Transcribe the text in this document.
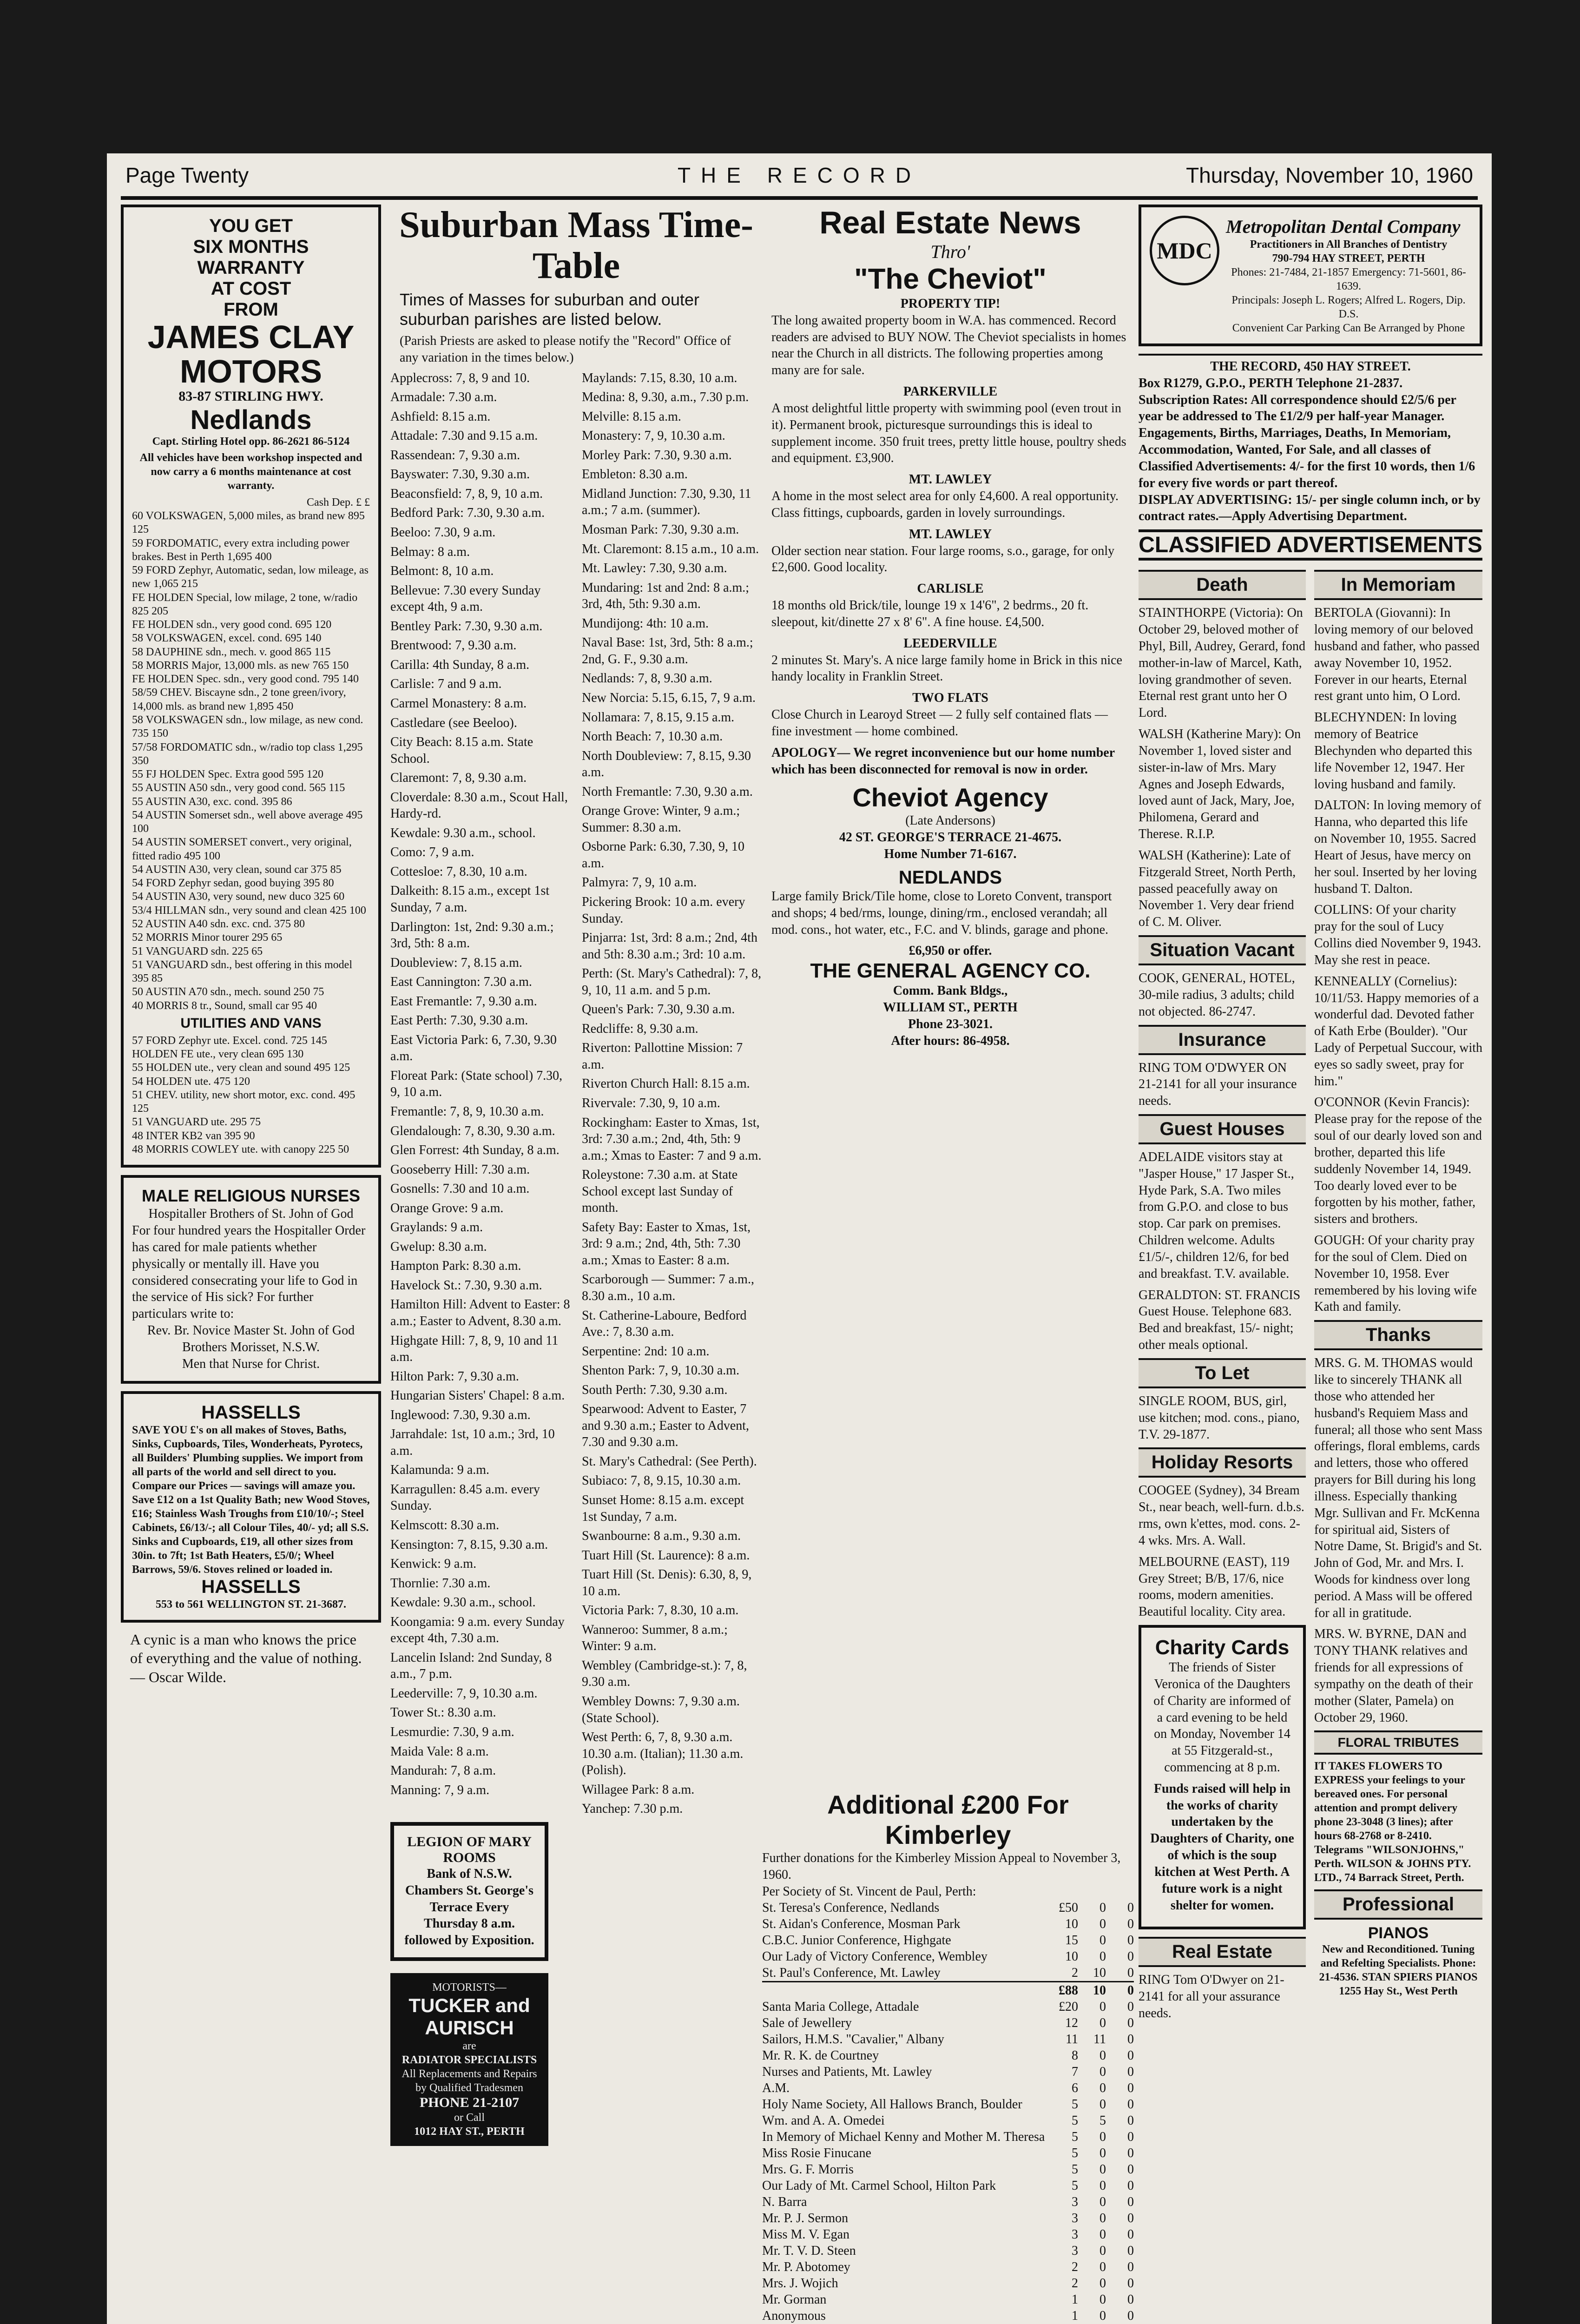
Page Twenty	THE RECORD	Thursday, November 10, 1960
YOU GET
SIX MONTHS
WARRANTY
AT COST
FROM
JAMES CLAY MOTORS
83-87 STIRLING HWY.
Nedlands
Capt. Stirling Hotel opp. 86-2621 86-5124
All vehicles have been workshop inspected and now carry a 6 months maintenance at cost warranty.
Cash Dep. £ £
60 VOLKSWAGEN, 5,000 miles, as brand new 895 125
59 FORDOMATIC, every extra including power brakes. Best in Perth 1,695 400
59 FORD Zephyr, Automatic, sedan, low mileage, as new 1,065 215
FE HOLDEN Special, low milage, 2 tone, w/radio 825 205
FE HOLDEN sdn., very good cond. 695 120
58 VOLKSWAGEN, excel. cond. 695 140
58 DAUPHINE sdn., mech. v. good 865 115
58 MORRIS Major, 13,000 mls. as new 765 150
FE HOLDEN Spec. sdn., very good cond. 795 140
58/59 CHEV. Biscayne sdn., 2 tone green/ivory, 14,000 mls. as brand new 1,895 450
58 VOLKSWAGEN sdn., low milage, as new cond. 735 150
57/58 FORDOMATIC sdn., w/radio top class 1,295 350
55 FJ HOLDEN Spec. Extra good 595 120
55 AUSTIN A50 sdn., very good cond. 565 115
55 AUSTIN A30, exc. cond. 395 86
54 AUSTIN Somerset sdn., well above average 495 100
54 AUSTIN SOMERSET convert., very original, fitted radio 495 100
54 AUSTIN A30, very clean, sound car 375 85
54 FORD Zephyr sedan, good buying 395 80
54 AUSTIN A30, very sound, new duco 325 60
53/4 HILLMAN sdn., very sound and clean 425 100
52 AUSTIN A40 sdn. exc. cnd. 375 80
52 MORRIS Minor tourer 295 65
51 VANGUARD sdn. 225 65
51 VANGUARD sdn., best offering in this model 395 85
50 AUSTIN A70 sdn., mech. sound 250 75
40 MORRIS 8 tr., Sound, small car 95 40
UTILITIES AND VANS
57 FORD Zephyr ute. Excel. cond. 725 145
HOLDEN FE ute., very clean 695 130
55 HOLDEN ute., very clean and sound 495 125
54 HOLDEN ute. 475 120
51 CHEV. utility, new short motor, exc. cond. 495 125
51 VANGUARD ute. 295 75
48 INTER KB2 van 395 90
48 MORRIS COWLEY ute. with canopy 225 50
MALE RELIGIOUS NURSES
Hospitaller Brothers of St. John of God
For four hundred years the Hospitaller Order has cared for male patients whether physically or mentally ill. Have you considered consecrating your life to God in the service of His sick? For further particulars write to:
Rev. Br. Novice Master St. John of God Brothers Morisset, N.S.W.
Men that Nurse for Christ.
HASSELLS
SAVE YOU £'s on all makes of Stoves, Baths, Sinks, Cupboards, Tiles, Wonderheats, Pyrotecs, all Builders' Plumbing supplies. We import from all parts of the world and sell direct to you. Compare our Prices — savings will amaze you. Save £12 on a 1st Quality Bath; new Wood Stoves, £16; Stainless Wash Troughs from £10/10/-; Steel Cabinets, £6/13/-; all Colour Tiles, 40/- yd; all S.S. Sinks and Cupboards, £19, all other sizes from 30in. to 7ft; 1st Bath Heaters, £5/0/; Wheel Barrows, 59/6. Stoves relined or loaded in.
HASSELLS
553 to 561 WELLINGTON ST. 21-3687.
A cynic is a man who knows the price of everything and the value of nothing. — Oscar Wilde.
Suburban Mass Time-Table
Times of Masses for suburban and outer suburban parishes are listed below.
(Parish Priests are asked to please notify the "Record" Office of any variation in the times below.)
Applecross: 7, 8, 9 and 10.
Armadale: 7.30 a.m.
Ashfield: 8.15 a.m.
Attadale: 7.30 and 9.15 a.m.
Rassendean: 7, 9.30 a.m.
Bayswater: 7.30, 9.30 a.m.
Beaconsfield: 7, 8, 9, 10 a.m.
Bedford Park: 7.30, 9.30 a.m.
Beeloo: 7.30, 9 a.m.
Belmay: 8 a.m.
Belmont: 8, 10 a.m.
Bellevue: 7.30 every Sunday except 4th, 9 a.m.
Bentley Park: 7.30, 9.30 a.m.
Brentwood: 7, 9.30 a.m.
Carilla: 4th Sunday, 8 a.m.
Carlisle: 7 and 9 a.m.
Carmel Monastery: 8 a.m.
Castledare (see Beeloo).
City Beach: 8.15 a.m. State School.
Claremont: 7, 8, 9.30 a.m.
Cloverdale: 8.30 a.m., Scout Hall, Hardy-rd.
Kewdale: 9.30 a.m., school.
Como: 7, 9 a.m.
Cottesloe: 7, 8.30, 10 a.m.
Dalkeith: 8.15 a.m., except 1st Sunday, 7 a.m.
Darlington: 1st, 2nd: 9.30 a.m.; 3rd, 5th: 8 a.m.
Doubleview: 7, 8.15 a.m.
East Cannington: 7.30 a.m.
East Fremantle: 7, 9.30 a.m.
East Perth: 7.30, 9.30 a.m.
East Victoria Park: 6, 7.30, 9.30 a.m.
Floreat Park: (State school) 7.30, 9, 10 a.m.
Fremantle: 7, 8, 9, 10.30 a.m.
Glendalough: 7, 8.30, 9.30 a.m.
Glen Forrest: 4th Sunday, 8 a.m.
Gooseberry Hill: 7.30 a.m.
Gosnells: 7.30 and 10 a.m.
Orange Grove: 9 a.m.
Graylands: 9 a.m.
Gwelup: 8.30 a.m.
Hampton Park: 8.30 a.m.
Havelock St.: 7.30, 9.30 a.m.
Hamilton Hill: Advent to Easter: 8 a.m.; Easter to Advent, 8.30 a.m.
Highgate Hill: 7, 8, 9, 10 and 11 a.m.
Hilton Park: 7, 9.30 a.m.
Hungarian Sisters' Chapel: 8 a.m.
Inglewood: 7.30, 9.30 a.m.
Jarrahdale: 1st, 10 a.m.; 3rd, 10 a.m.
Kalamunda: 9 a.m.
Karragullen: 8.45 a.m. every Sunday.
Kelmscott: 8.30 a.m.
Kensington: 7, 8.15, 9.30 a.m.
Kenwick: 9 a.m.
Thornlie: 7.30 a.m.
Kewdale: 9.30 a.m., school.
Koongamia: 9 a.m. every Sunday except 4th, 7.30 a.m.
Lancelin Island: 2nd Sunday, 8 a.m., 7 p.m.
Leederville: 7, 9, 10.30 a.m.
Tower St.: 8.30 a.m.
Lesmurdie: 7.30, 9 a.m.
Maida Vale: 8 a.m.
Mandurah: 7, 8 a.m.
Manning: 7, 9 a.m.
Maylands: 7.15, 8.30, 10 a.m.
Medina: 8, 9.30, a.m., 7.30 p.m.
Melville: 8.15 a.m.
Monastery: 7, 9, 10.30 a.m.
Morley Park: 7.30, 9.30 a.m.
Embleton: 8.30 a.m.
Midland Junction: 7.30, 9.30, 11 a.m.; 7 a.m. (summer).
Mosman Park: 7.30, 9.30 a.m.
Mt. Claremont: 8.15 a.m., 10 a.m.
Mt. Lawley: 7.30, 9.30 a.m.
Mundaring: 1st and 2nd: 8 a.m.; 3rd, 4th, 5th: 9.30 a.m.
Mundijong: 4th: 10 a.m.
Naval Base: 1st, 3rd, 5th: 8 a.m.; 2nd, G. F., 9.30 a.m.
Nedlands: 7, 8, 9.30 a.m.
New Norcia: 5.15, 6.15, 7, 9 a.m.
Nollamara: 7, 8.15, 9.15 a.m.
North Beach: 7, 10.30 a.m.
North Doubleview: 7, 8.15, 9.30 a.m.
North Fremantle: 7.30, 9.30 a.m.
Orange Grove: Winter, 9 a.m.; Summer: 8.30 a.m.
Osborne Park: 6.30, 7.30, 9, 10 a.m.
Palmyra: 7, 9, 10 a.m.
Pickering Brook: 10 a.m. every Sunday.
Pinjarra: 1st, 3rd: 8 a.m.; 2nd, 4th and 5th: 8.30 a.m.; 3rd: 10 a.m.
Perth: (St. Mary's Cathedral): 7, 8, 9, 10, 11 a.m. and 5 p.m.
Queen's Park: 7.30, 9.30 a.m.
Redcliffe: 8, 9.30 a.m.
Riverton: Pallottine Mission: 7 a.m.
Riverton Church Hall: 8.15 a.m.
Rivervale: 7.30, 9, 10 a.m.
Rockingham: Easter to Xmas, 1st, 3rd: 7.30 a.m.; 2nd, 4th, 5th: 9 a.m.; Xmas to Easter: 7 and 9 a.m.
Roleystone: 7.30 a.m. at State School except last Sunday of month.
Safety Bay: Easter to Xmas, 1st, 3rd: 9 a.m.; 2nd, 4th, 5th: 7.30 a.m.; Xmas to Easter: 8 a.m.
Scarborough — Summer: 7 a.m., 8.30 a.m., 10 a.m.
St. Catherine-Laboure, Bedford Ave.: 7, 8.30 a.m.
Serpentine: 2nd: 10 a.m.
Shenton Park: 7, 9, 10.30 a.m.
South Perth: 7.30, 9.30 a.m.
Spearwood: Advent to Easter, 7 and 9.30 a.m.; Easter to Advent, 7.30 and 9.30 a.m.
St. Mary's Cathedral: (See Perth).
Subiaco: 7, 8, 9.15, 10.30 a.m.
Sunset Home: 8.15 a.m. except 1st Sunday, 7 a.m.
Swanbourne: 8 a.m., 9.30 a.m.
Tuart Hill (St. Laurence): 8 a.m.
Tuart Hill (St. Denis): 6.30, 8, 9, 10 a.m.
Victoria Park: 7, 8.30, 10 a.m.
Wanneroo: Summer, 8 a.m.; Winter: 9 a.m.
Wembley (Cambridge-st.): 7, 8, 9.30 a.m.
Wembley Downs: 7, 9.30 a.m. (State School).
West Perth: 6, 7, 8, 9.30 a.m. 10.30 a.m. (Italian); 11.30 a.m. (Polish).
Willagee Park: 8 a.m.
Yanchep: 7.30 p.m.
LEGION OF MARY ROOMS
Bank of N.S.W. Chambers St. George's Terrace Every Thursday 8 a.m. followed by Exposition.
MOTORISTS—
TUCKER and AURISCH
are
RADIATOR SPECIALISTS
All Replacements and Repairs by Qualified Tradesmen
PHONE 21-2107
or Call
1012 HAY ST., PERTH
Real Estate News
Thro'
"The Cheviot"
PROPERTY TIP!

The long awaited property boom in W.A. has commenced. Record readers are advised to BUY NOW. The Cheviot specialists in homes near the Church in all districts. The following properties among many are for sale.

PARKERVILLE

A most delightful little property with swimming pool (even trout in it). Permanent brook, picturesque surroundings this is ideal to supplement income. 350 fruit trees, pretty little house, poultry sheds and equipment. £3,900.

MT. LAWLEY

A home in the most select area for only £4,600. A real opportunity. Class fittings, cupboards, garden in lovely surroundings.

MT. LAWLEY

Older section near station. Four large rooms, s.o., garage, for only £2,600. Good locality.

CARLISLE

18 months old Brick/tile, lounge 19 x 14'6", 2 bedrms., 20 ft. sleepout, kit/dinette 27 x 8' 6". A fine house. £4,500.

LEEDERVILLE

2 minutes St. Mary's. A nice large family home in Brick in this nice handy locality in Franklin Street.

TWO FLATS

Close Church in Learoyd Street — 2 fully self contained flats — fine investment — home combined.

APOLOGY— We regret inconvenience but our home number which has been disconnected for removal is now in order.

Cheviot Agency
(Late Andersons)
42 ST. GEORGE'S TERRACE 21-4675.
Home Number 71-6167.
NEDLANDS

Large family Brick/Tile home, close to Loreto Convent, transport and shops; 4 bed/rms, lounge, dining/rm., enclosed verandah; all mod. cons., hot water, etc., F.C. and V. blinds, garage and phone.

£6,950 or offer.
THE GENERAL AGENCY CO.
Comm. Bank Bldgs.,
WILLIAM ST., PERTH
Phone 23-3021.
After hours: 86-4958.
Additional £200 For Kimberley
Further donations for the Kimberley Mission Appeal to November 3, 1960.
Per Society of St. Vincent de Paul, Perth:
St. Teresa's Conference, Nedlands	£50	0	0
St. Aidan's Conference, Mosman Park	10	0	0
C.B.C. Junior Conference, Highgate	15	0	0
Our Lady of Victory Conference, Wembley	10	0	0
St. Paul's Conference, Mt. Lawley	2	10	0
£88	10	0
Santa Maria College, Attadale	£20	0	0
Sale of Jewellery	12	0	0
Sailors, H.M.S. "Cavalier," Albany	11	11	0
Mr. R. K. de Courtney	8	0	0
Nurses and Patients, Mt. Lawley	7	0	0
A.M.	6	0	0
Holy Name Society, All Hallows Branch, Boulder	5	0	0
Wm. and A. A. Omedei	5	5	0
In Memory of Michael Kenny and Mother M. Theresa	5	0	0
Miss Rosie Finucane	5	0	0
Mrs. G. F. Morris	5	0	0
Our Lady of Mt. Carmel School, Hilton Park	5	0	0
N. Barra	3	0	0
Mr. P. J. Sermon	3	0	0
Miss M. V. Egan	3	0	0
Mr. T. V. D. Steen	3	0	0
Mr. P. Abotomey	2	0	0
Mrs. J. Wojich	2	0	0
Mr. Gorman	1	0	0
Anonymous	1	0	0
MDC
Metropolitan Dental Company
Practitioners in All Branches of Dentistry
790-794 HAY STREET, PERTH
Phones: 21-7484, 21-1857 Emergency: 71-5601, 86-1639.
Principals: Joseph L. Rogers; Alfred L. Rogers, Dip. D.S.
Convenient Car Parking Can Be Arranged by Phone
THE RECORD, 450 HAY STREET.
Box R1279, G.P.O., PERTH Telephone 21-2837.
Subscription Rates: All correspondence should £2/5/6 per year be addressed to The £1/2/9 per half-year Manager.
Engagements, Births, Marriages, Deaths, In Memoriam, Accommodation, Wanted, For Sale, and all classes of Classified Advertisements: 4/- for the first 10 words, then 1/6 for every five words or part thereof.
DISPLAY ADVERTISING: 15/- per single column inch, or by contract rates.—Apply Advertising Department.
CLASSIFIED ADVERTISEMENTS
Death

STAINTHORPE (Victoria): On October 29, beloved mother of Phyl, Bill, Audrey, Gerard, fond mother-in-law of Marcel, Kath, loving grandmother of seven. Eternal rest grant unto her O Lord.

WALSH (Katherine Mary): On November 1, loved sister and sister-in-law of Mrs. Mary Agnes and Joseph Edwards, loved aunt of Jack, Mary, Joe, Philomena, Gerard and Therese. R.I.P.

WALSH (Katherine): Late of Fitzgerald Street, North Perth, passed peacefully away on November 1. Very dear friend of C. M. Oliver.

Situation Vacant

COOK, GENERAL, HOTEL, 30-mile radius, 3 adults; child not objected. 86-2747.

Insurance

RING TOM O'DWYER ON 21-2141 for all your insurance needs.

Guest Houses

ADELAIDE visitors stay at "Jasper House," 17 Jasper St., Hyde Park, S.A. Two miles from G.P.O. and close to bus stop. Car park on premises. Children welcome. Adults £1/5/-, children 12/6, for bed and breakfast. T.V. available.

GERALDTON: ST. FRANCIS Guest House. Telephone 683. Bed and breakfast, 15/- night; other meals optional.

To Let

SINGLE ROOM, BUS, girl, use kitchen; mod. cons., piano, T.V. 29-1877.

Holiday Resorts

COOGEE (Sydney), 34 Bream St., near beach, well-furn. d.b.s. rms, own k'ettes, mod. cons. 2-4 wks. Mrs. A. Wall.

MELBOURNE (EAST), 119 Grey Street; B/B, 17/6, nice rooms, modern amenities. Beautiful locality. City area.

Charity Cards

The friends of Sister Veronica of the Daughters of Charity are informed of a card evening to be held on Monday, November 14 at 55 Fitzgerald-st., commencing at 8 p.m.

Funds raised will help in the works of charity undertaken by the Daughters of Charity, one of which is the soup kitchen at West Perth. A future work is a night shelter for women.

Real Estate

RING Tom O'Dwyer on 21-2141 for all your assurance needs.

In Memoriam

BERTOLA (Giovanni): In loving memory of our beloved husband and father, who passed away November 10, 1952. Forever in our hearts, Eternal rest grant unto him, O Lord.

BLECHYNDEN: In loving memory of Beatrice Blechynden who departed this life November 12, 1947. Her loving husband and family.

DALTON: In loving memory of Hanna, who departed this life on November 10, 1955. Sacred Heart of Jesus, have mercy on her soul. Inserted by her loving husband T. Dalton.

COLLINS: Of your charity pray for the soul of Lucy Collins died November 9, 1943. May she rest in peace.

KENNEALLY (Cornelius): 10/11/53. Happy memories of a wonderful dad. Devoted father of Kath Erbe (Boulder). "Our Lady of Perpetual Succour, with eyes so sadly sweet, pray for him."

O'CONNOR (Kevin Francis): Please pray for the repose of the soul of our dearly loved son and brother, departed this life suddenly November 14, 1949. Too dearly loved ever to be forgotten by his mother, father, sisters and brothers.

GOUGH: Of your charity pray for the soul of Clem. Died on November 10, 1958. Ever remembered by his loving wife Kath and family.

Thanks

MRS. G. M. THOMAS would like to sincerely THANK all those who attended her husband's Requiem Mass and funeral; all those who sent Mass offerings, floral emblems, cards and letters, those who offered prayers for Bill during his long illness. Especially thanking Mgr. Sullivan and Fr. McKenna for spiritual aid, Sisters of Notre Dame, St. Brigid's and St. John of God, Mr. and Mrs. I. Woods for kindness over long period. A Mass will be offered for all in gratitude.

MRS. W. BYRNE, DAN and TONY THANK relatives and friends for all expressions of sympathy on the death of their mother (Slater, Pamela) on October 29, 1960.

FLORAL TRIBUTES
IT TAKES FLOWERS TO EXPRESS your feelings to your bereaved ones. For personal attention and prompt delivery phone 23-3048 (3 lines); after hours 68-2768 or 8-2410. Telegrams "WILSONJOHNS," Perth. WILSON & JOHNS PTY. LTD., 74 Barrack Street, Perth.
Professional
PIANOS
New and Reconditioned. Tuning and Refelting Specialists. Phone: 21-4536. STAN SPIERS PIANOS 1255 Hay St., West Perth
